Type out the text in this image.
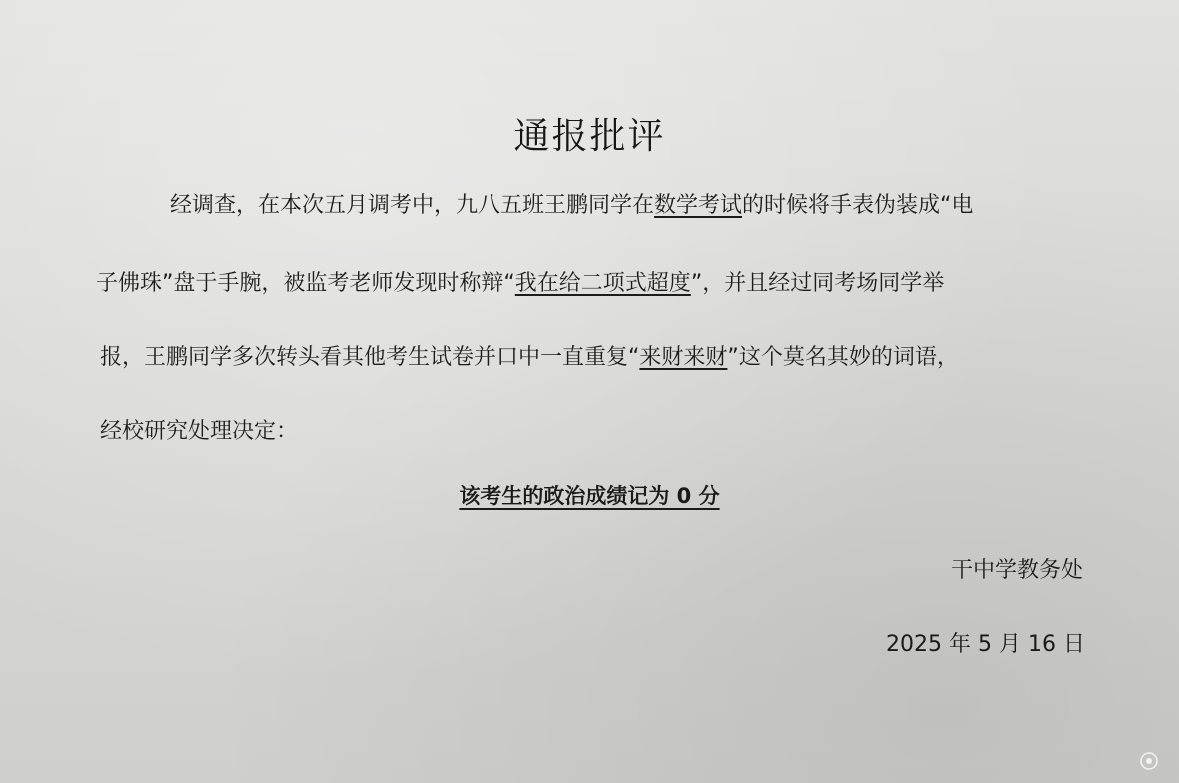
通报批评
经调查，在本次五月调考中，九八五班王鹏同学在数学考试的时候将手表伪装成“电
子佛珠”盘于手腕，被监考老师发现时称辩“我在给二项式超度”，并且经过同考场同学举
报，王鹏同学多次转头看其他考生试卷并口中一直重复“来财来财”这个莫名其妙的词语，
经校研究处理决定：
该考生的政治成绩记为 0 分
干中学教务处
2025 年 5 月 16 日
